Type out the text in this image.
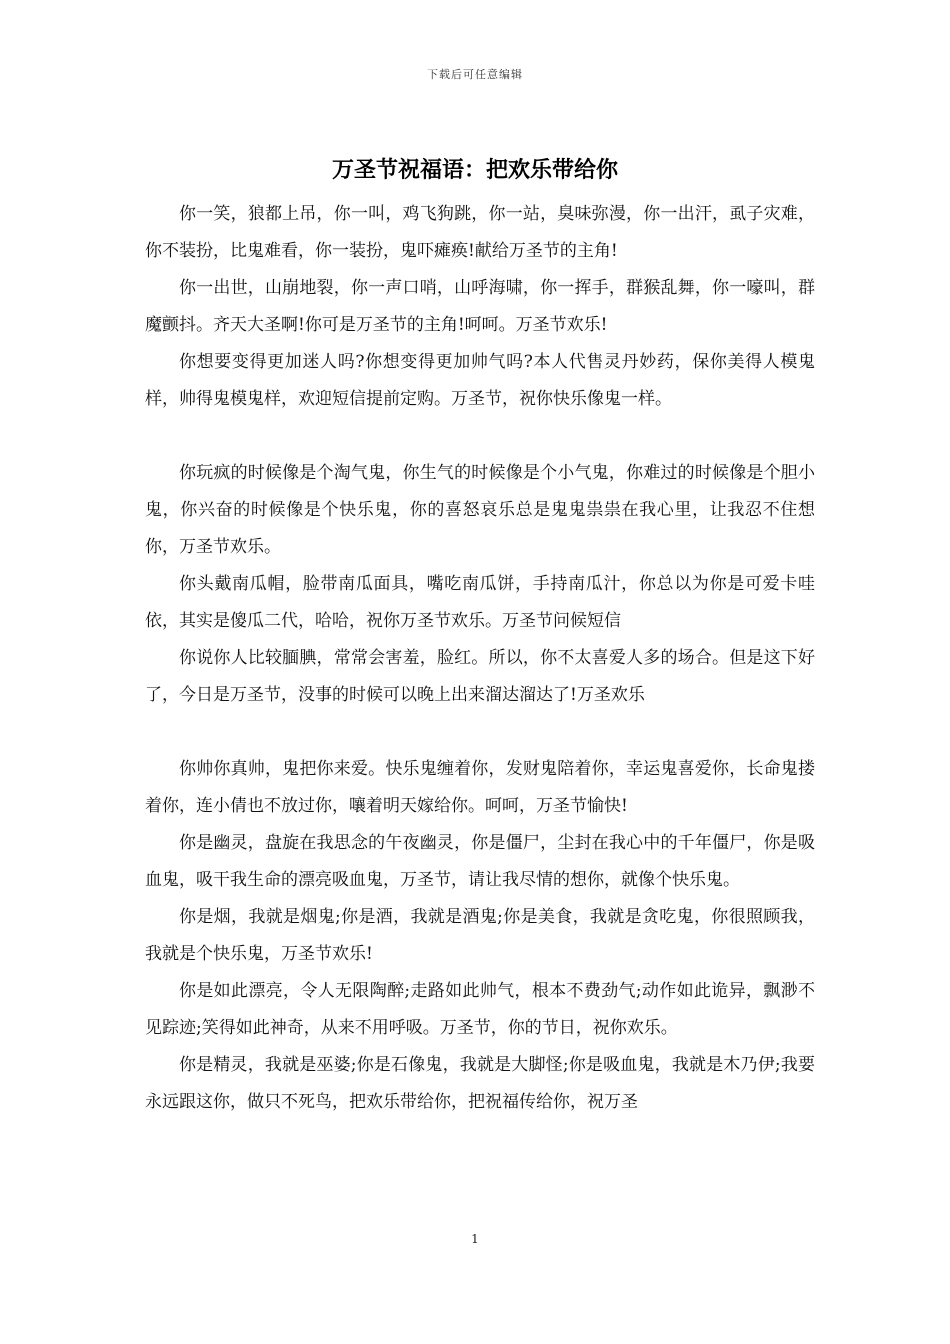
下载后可任意编辑
万圣节祝福语：把欢乐带给你

你一笑，狼都上吊，你一叫，鸡飞狗跳，你一站，臭味弥漫，你一出汗，虱子灾难，你不装扮，比鬼难看，你一装扮，鬼吓瘫痪!献给万圣节的主角!

你一出世，山崩地裂，你一声口哨，山呼海啸，你一挥手，群猴乱舞，你一嚎叫，群魔颤抖。齐天大圣啊!你可是万圣节的主角!呵呵。万圣节欢乐!

你想要变得更加迷人吗?你想变得更加帅气吗?本人代售灵丹妙药，保你美得人模鬼样，帅得鬼模鬼样，欢迎短信提前定购。万圣节，祝你快乐像鬼一样。

你玩疯的时候像是个淘气鬼，你生气的时候像是个小气鬼，你难过的时候像是个胆小鬼，你兴奋的时候像是个快乐鬼，你的喜怒哀乐总是鬼鬼祟祟在我心里，让我忍不住想你，万圣节欢乐。

你头戴南瓜帽，脸带南瓜面具，嘴吃南瓜饼，手持南瓜汁，你总以为你是可爱卡哇依，其实是傻瓜二代，哈哈，祝你万圣节欢乐。万圣节问候短信

你说你人比较腼腆，常常会害羞，脸红。所以，你不太喜爱人多的场合。但是这下好了，今日是万圣节，没事的时候可以晚上出来溜达溜达了!万圣欢乐

你帅你真帅，鬼把你来爱。快乐鬼缠着你，发财鬼陪着你，幸运鬼喜爱你，长命鬼搂着你，连小倩也不放过你，嚷着明天嫁给你。呵呵，万圣节愉快!

你是幽灵，盘旋在我思念的午夜幽灵，你是僵尸，尘封在我心中的千年僵尸，你是吸血鬼，吸干我生命的漂亮吸血鬼，万圣节，请让我尽情的想你，就像个快乐鬼。

你是烟，我就是烟鬼;你是酒，我就是酒鬼;你是美食，我就是贪吃鬼，你很照顾我，我就是个快乐鬼，万圣节欢乐!

你是如此漂亮，令人无限陶醉;走路如此帅气，根本不费劲气;动作如此诡异，飘渺不见踪迹;笑得如此神奇，从来不用呼吸。万圣节，你的节日，祝你欢乐。

你是精灵，我就是巫婆;你是石像鬼，我就是大脚怪;你是吸血鬼，我就是木乃伊;我要永远跟这你，做只不死鸟，把欢乐带给你，把祝福传给你，祝万圣

1
